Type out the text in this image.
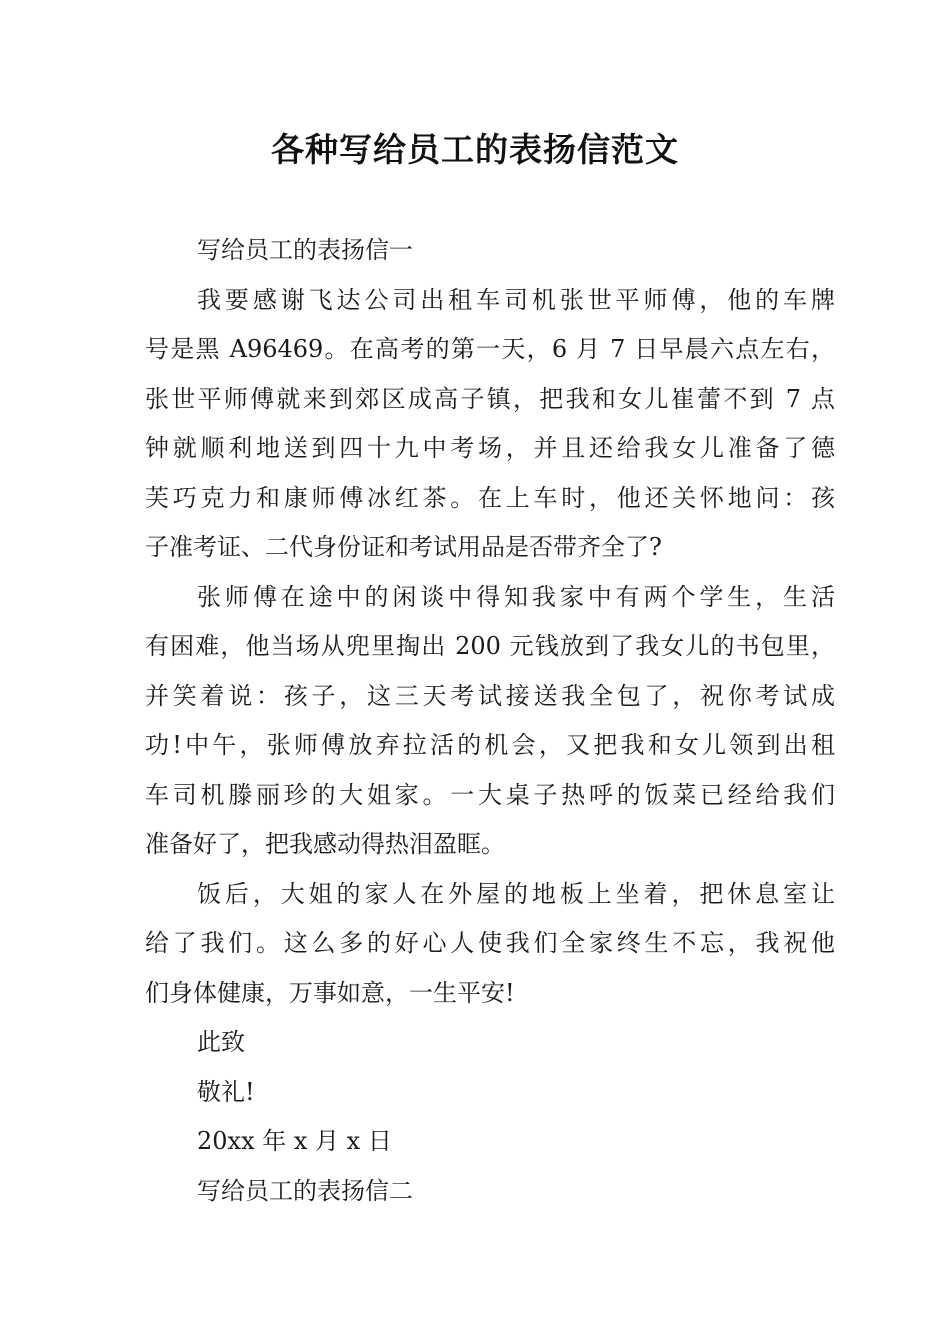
各种写给员工的表扬信范文

写给员工的表扬信一

我要感谢飞达公司出租车司机张世平师傅，他的车牌

号是黑 A96469。在高考的第一天，6 月 7 日早晨六点左右，

张世平师傅就来到郊区成高子镇，把我和女儿崔蕾不到 7 点

钟就顺利地送到四十九中考场，并且还给我女儿准备了德

芙巧克力和康师傅冰红茶。在上车时，他还关怀地问：孩

子准考证、二代身份证和考试用品是否带齐全了?

张师傅在途中的闲谈中得知我家中有两个学生，生活

有困难，他当场从兜里掏出 200 元钱放到了我女儿的书包里，

并笑着说：孩子，这三天考试接送我全包了，祝你考试成

功!中午，张师傅放弃拉活的机会，又把我和女儿领到出租

车司机滕丽珍的大姐家。一大桌子热呼的饭菜已经给我们

准备好了，把我感动得热泪盈眶。

饭后，大姐的家人在外屋的地板上坐着，把休息室让

给了我们。这么多的好心人使我们全家终生不忘，我祝他

们身体健康，万事如意，一生平安!

此致

敬礼!

20xx 年 x 月 x 日

写给员工的表扬信二
